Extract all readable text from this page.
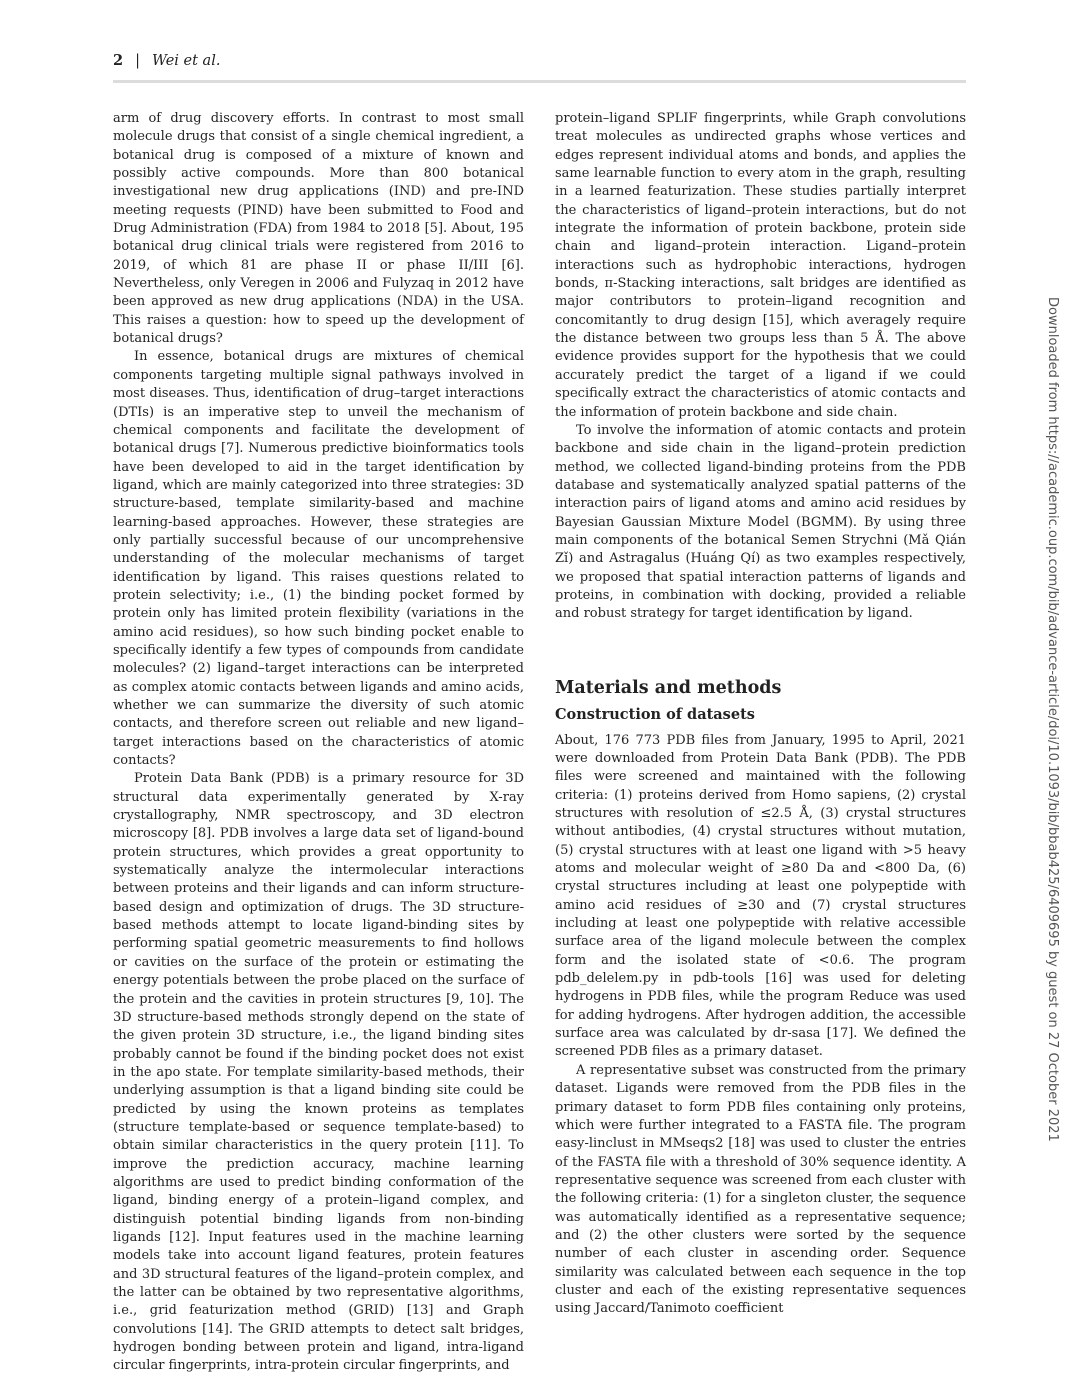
2 | Wei et al.

arm of drug discovery efforts. In contrast to most small molecule drugs that consist of a single chemical ingredient, a botanical drug is composed of a mixture of known and possibly active compounds. More than 800 botanical investigational new drug applications (IND) and pre-IND meeting requests (PIND) have been submitted to Food and Drug Administration (FDA) from 1984 to 2018 [5]. About, 195 botanical drug clinical trials were registered from 2016 to 2019, of which 81 are phase II or phase II/III [6]. Nevertheless, only Veregen in 2006 and Fulyzaq in 2012 have been approved as new drug applications (NDA) in the USA. This raises a question: how to speed up the development of botanical drugs?

In essence, botanical drugs are mixtures of chemical components targeting multiple signal pathways involved in most diseases. Thus, identification of drug–target interactions (DTIs) is an imperative step to unveil the mechanism of chemical components and facilitate the development of botanical drugs [7]. Numerous predictive bioinformatics tools have been developed to aid in the target identification by ligand, which are mainly categorized into three strategies: 3D structure-based, template similarity-based and machine learning-based approaches. However, these strategies are only partially successful because of our uncomprehensive understanding of the molecular mechanisms of target identification by ligand. This raises questions related to protein selectivity; i.e., (1) the binding pocket formed by protein only has limited protein flexibility (variations in the amino acid residues), so how such binding pocket enable to specifically identify a few types of compounds from candidate molecules? (2) ligand–target interactions can be interpreted as complex atomic contacts between ligands and amino acids, whether we can summarize the diversity of such atomic contacts, and therefore screen out reliable and new ligand–target interactions based on the characteristics of atomic contacts?

Protein Data Bank (PDB) is a primary resource for 3D structural data experimentally generated by X-ray crystallography, NMR spectroscopy, and 3D electron microscopy [8]. PDB involves a large data set of ligand-bound protein structures, which provides a great opportunity to systematically analyze the intermolecular interactions between proteins and their ligands and can inform structure-based design and optimization of drugs. The 3D structure-based methods attempt to locate ligand-binding sites by performing spatial geometric measurements to find hollows or cavities on the surface of the protein or estimating the energy potentials between the probe placed on the surface of the protein and the cavities in protein structures [9, 10]. The 3D structure-based methods strongly depend on the state of the given protein 3D structure, i.e., the ligand binding sites probably cannot be found if the binding pocket does not exist in the apo state. For template similarity-based methods, their underlying assumption is that a ligand binding site could be predicted by using the known proteins as templates (structure template-based or sequence template-based) to obtain similar characteristics in the query protein [11]. To improve the prediction accuracy, machine learning algorithms are used to predict binding conformation of the ligand, binding energy of a protein–ligand complex, and distinguish potential binding ligands from non-binding ligands [12]. Input features used in the machine learning models take into account ligand features, protein features and 3D structural features of the ligand–protein complex, and the latter can be obtained by two representative algorithms, i.e., grid featurization method (GRID) [13] and Graph convolutions [14]. The GRID attempts to detect salt bridges, hydrogen bonding between protein and ligand, intra-ligand circular fingerprints, intra-protein circular fingerprints, and

protein–ligand SPLIF fingerprints, while Graph convolutions treat molecules as undirected graphs whose vertices and edges represent individual atoms and bonds, and applies the same learnable function to every atom in the graph, resulting in a learned featurization. These studies partially interpret the characteristics of ligand–protein interactions, but do not integrate the information of protein backbone, protein side chain and ligand–protein interaction. Ligand–protein interactions such as hydrophobic interactions, hydrogen bonds, π-Stacking interactions, salt bridges are identified as major contributors to protein–ligand recognition and concomitantly to drug design [15], which averagely require the distance between two groups less than 5 Å. The above evidence provides support for the hypothesis that we could accurately predict the target of a ligand if we could specifically extract the characteristics of atomic contacts and the information of protein backbone and side chain.

To involve the information of atomic contacts and protein backbone and side chain in the ligand–protein prediction method, we collected ligand-binding proteins from the PDB database and systematically analyzed spatial patterns of the interaction pairs of ligand atoms and amino acid residues by Bayesian Gaussian Mixture Model (BGMM). By using three main components of the botanical Semen Strychni (Mǎ Qián Zǐ) and Astragalus (Huáng Qí) as two examples respectively, we proposed that spatial interaction patterns of ligands and proteins, in combination with docking, provided a reliable and robust strategy for target identification by ligand.

Materials and methods
Construction of datasets

About, 176 773 PDB files from January, 1995 to April, 2021 were downloaded from Protein Data Bank (PDB). The PDB files were screened and maintained with the following criteria: (1) proteins derived from Homo sapiens, (2) crystal structures with resolution of ≤2.5 Å, (3) crystal structures without antibodies, (4) crystal structures without mutation, (5) crystal structures with at least one ligand with >5 heavy atoms and molecular weight of ≥80 Da and <800 Da, (6) crystal structures including at least one polypeptide with amino acid residues of ≥30 and (7) crystal structures including at least one polypeptide with relative accessible surface area of the ligand molecule between the complex form and the isolated state of <0.6. The program pdb_delelem.py in pdb-tools [16] was used for deleting hydrogens in PDB files, while the program Reduce was used for adding hydrogens. After hydrogen addition, the accessible surface area was calculated by dr-sasa [17]. We defined the screened PDB files as a primary dataset.

A representative subset was constructed from the primary dataset. Ligands were removed from the PDB files in the primary dataset to form PDB files containing only proteins, which were further integrated to a FASTA file. The program easy-linclust in MMseqs2 [18] was used to cluster the entries of the FASTA file with a threshold of 30% sequence identity. A representative sequence was screened from each cluster with the following criteria: (1) for a singleton cluster, the sequence was automatically identified as a representative sequence; and (2) the other clusters were sorted by the sequence number of each cluster in ascending order. Sequence similarity was calculated between each sequence in the top cluster and each of the existing representative sequences using Jaccard/Tanimoto coefficient

Downloaded from https://academic.oup.com/bib/advance-article/doi/10.1093/bib/bbab425/6409695 by guest on 27 October 2021
